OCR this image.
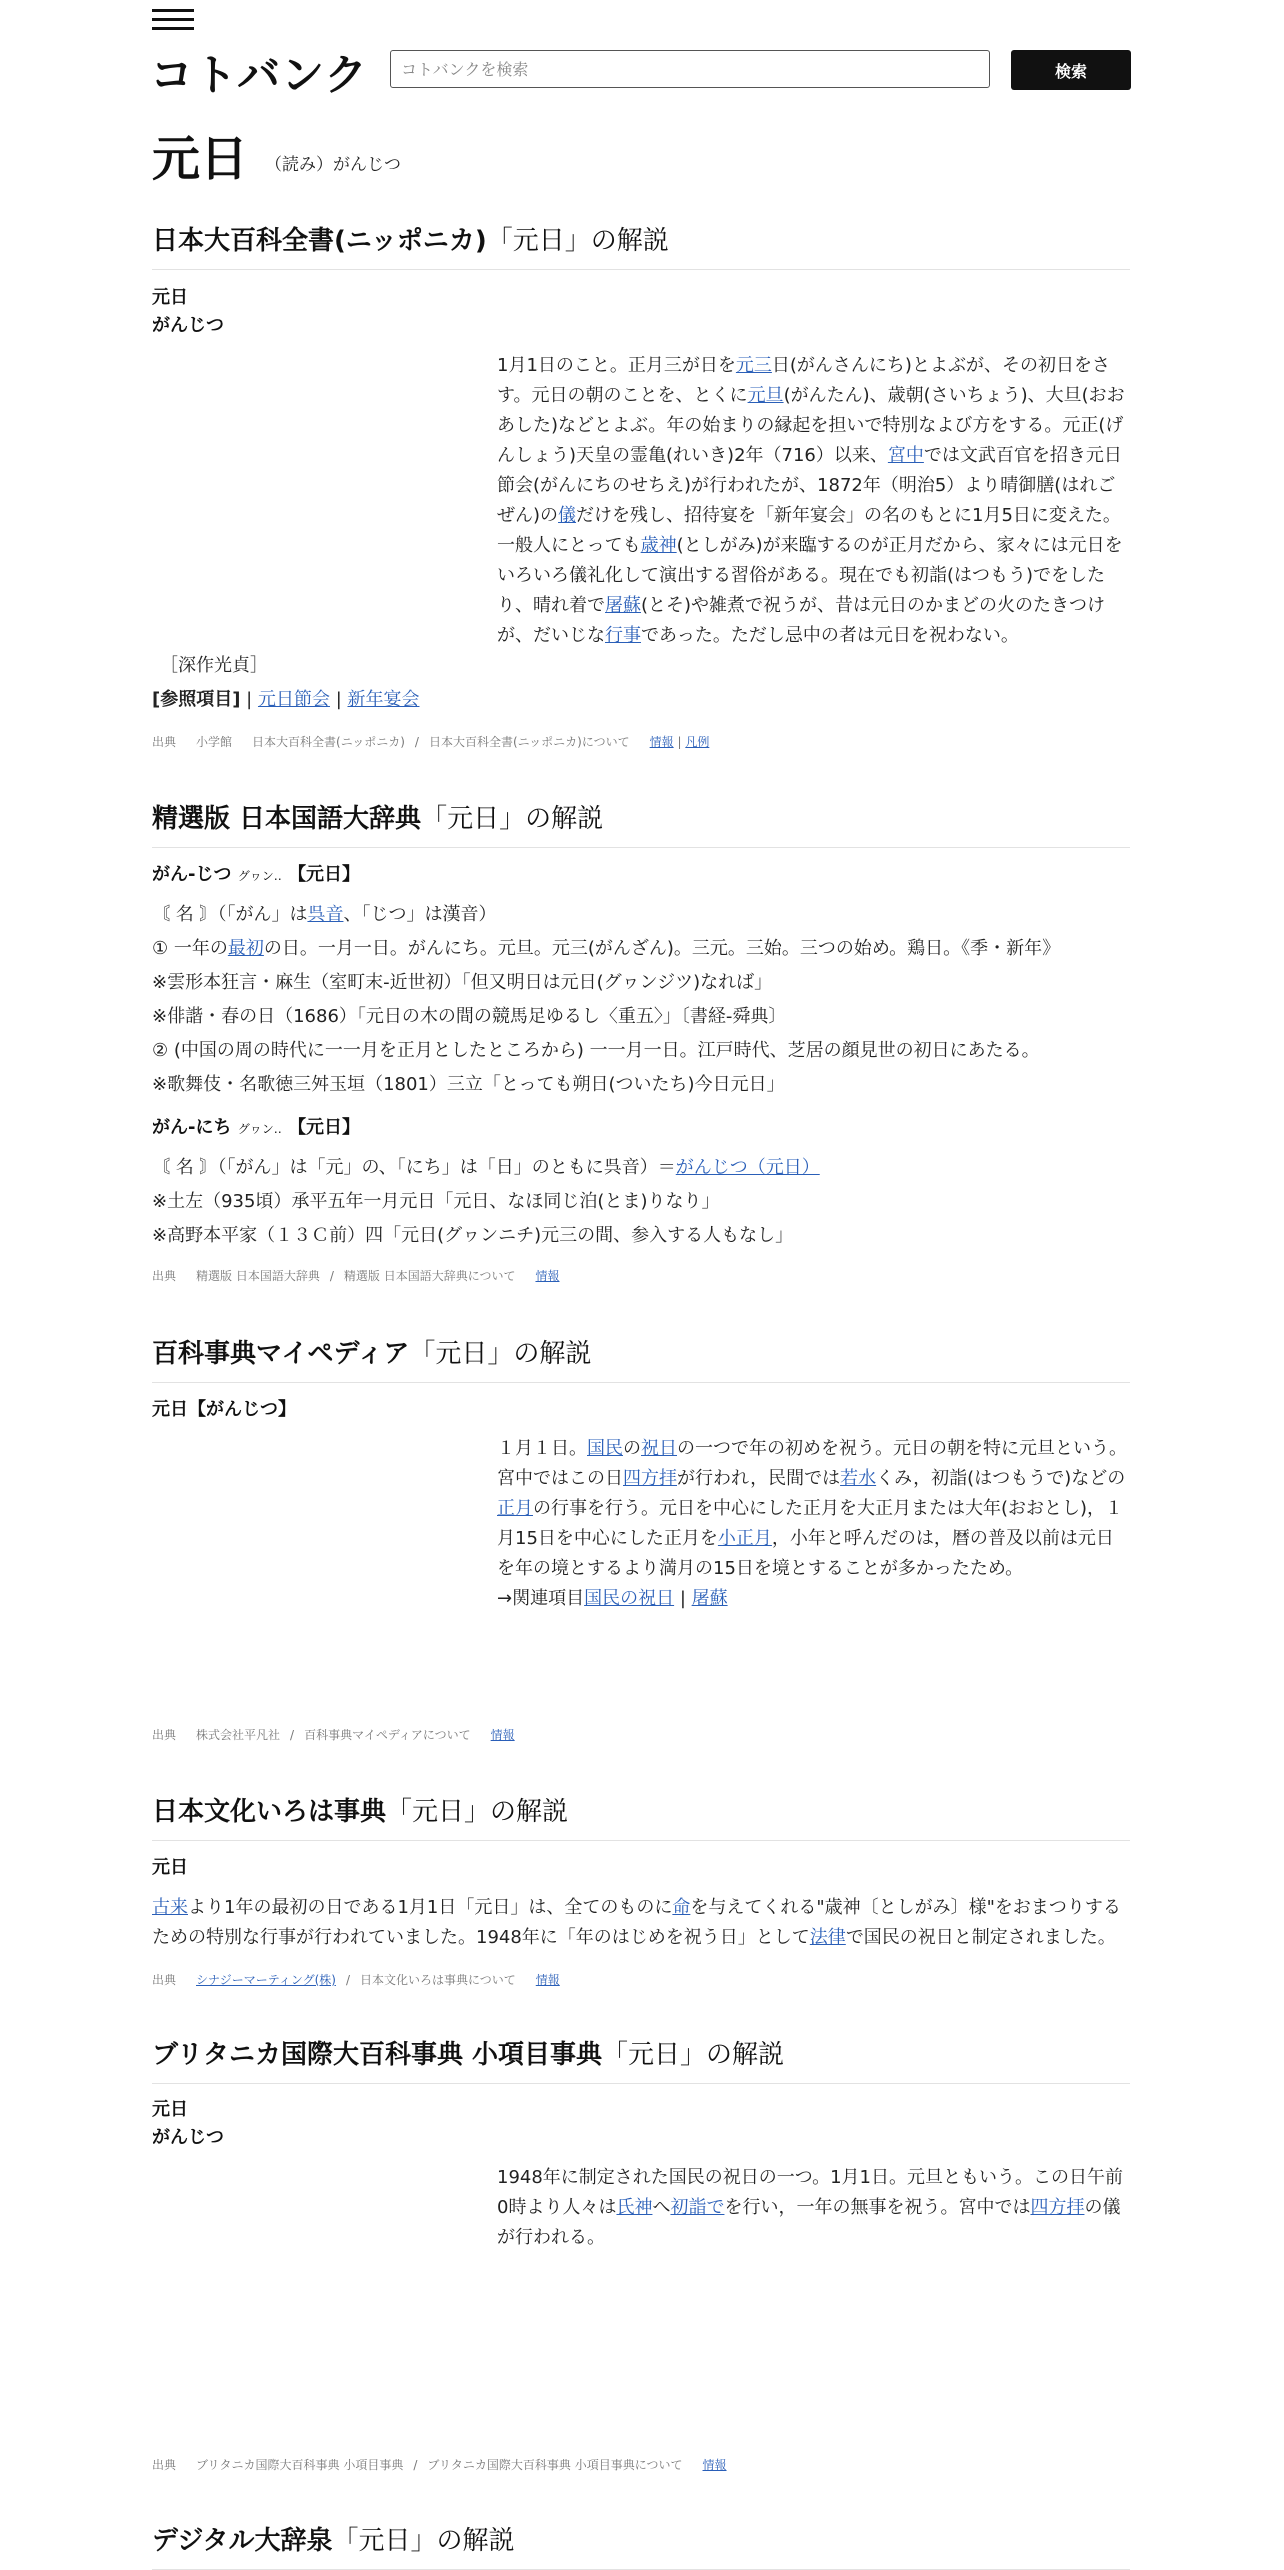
コトバンク
コトバンクを検索	検索
元日 （読み）がんじつ
日本大百科全書(ニッポニカ)「元日」の解説
元日
がんじつ
1月1日のこと。正月三が日を元三日(がんさんにち)とよぶが、その初日をさす。元日の朝のことを、とくに元旦(がんたん)、歳朝(さいちょう)、大旦(おおあした)などとよぶ。年の始まりの縁起を担いで特別なよび方をする。元正(げんしょう)天皇の霊亀(れいき)2年（716）以来、宮中では文武百官を招き元日節会(がんにちのせちえ)が行われたが、1872年（明治5）より晴御膳(はれごぜん)の儀だけを残し、招待宴を「新年宴会」の名のもとに1月5日に変えた。一般人にとっても歳神(としがみ)が来臨するのが正月だから、家々には元日をいろいろ儀礼化して演出する習俗がある。現在でも初詣(はつもう)でをしたり、晴れ着で屠蘇(とそ)や雑煮で祝うが、昔は元日のかまどの火のたきつけが、だいじな行事であった。ただし忌中の者は元日を祝わない。
［深作光貞］
[参照項目] | 元日節会 | 新年宴会
出典 小学館 日本大百科全書(ニッポニカ) / 日本大百科全書(ニッポニカ)について 情報 | 凡例
精選版 日本国語大辞典「元日」の解説
がん‐じつ グヮン‥ 【元日】
〘 名 〙（「がん」は呉音、「じつ」は漢音）
① 一年の最初の日。一月一日。がんにち。元旦。元三(がんざん)。三元。三始。三つの始め。鶏日。《季・新年》
※雲形本狂言・麻生（室町末‐近世初）「但又明日は元日(グヮンジツ)なれば」
※俳諧・春の日（1686）「元日の木の間の競馬足ゆるし〈重五〉」〔書経‐舜典〕
② (中国の周の時代に一一月を正月としたところから) 一一月一日。江戸時代、芝居の顔見世の初日にあたる。
※歌舞伎・名歌徳三舛玉垣（1801）三立「とっても朔日(ついたち)今日元日」
がん‐にち グヮン‥ 【元日】
〘 名 〙（「がん」は「元」の、「にち」は「日」のともに呉音）＝がんじつ（元日）
※土左（935頃）承平五年一月元日「元日、なほ同じ泊(とま)りなり」
※高野本平家（１３Ｃ前）四「元日(グヮンニチ)元三の間、参入する人もなし」
出典 精選版 日本国語大辞典 / 精選版 日本国語大辞典について 情報
百科事典マイペディア「元日」の解説
元日【がんじつ】
１月１日。国民の祝日の一つで年の初めを祝う。元日の朝を特に元旦という。宮中ではこの日四方拝が行われ，民間では若水くみ，初詣(はつもうで)などの正月の行事を行う。元日を中心にした正月を大正月または大年(おおとし)，１月15日を中心にした正月を小正月，小年と呼んだのは，暦の普及以前は元日を年の境とするより満月の15日を境とすることが多かったため。
→関連項目国民の祝日 | 屠蘇
出典 株式会社平凡社 / 百科事典マイペディアについて 情報
日本文化いろは事典「元日」の解説
元日
古来より1年の最初の日である1月1日「元日」は、全てのものに命を与えてくれる"歳神〔としがみ〕様"をおまつりするための特別な行事が行われていました。1948年に「年のはじめを祝う日」として法律で国民の祝日と制定されました。
出典 シナジーマーティング(株) / 日本文化いろは事典について 情報
ブリタニカ国際大百科事典 小項目事典「元日」の解説
元日
がんじつ
1948年に制定された国民の祝日の一つ。1月1日。元旦ともいう。この日午前0時より人々は氏神へ初詣でを行い，一年の無事を祝う。宮中では四方拝の儀が行われる。
出典 ブリタニカ国際大百科事典 小項目事典 / ブリタニカ国際大百科事典 小項目事典について 情報
デジタル大辞泉「元日」の解説
